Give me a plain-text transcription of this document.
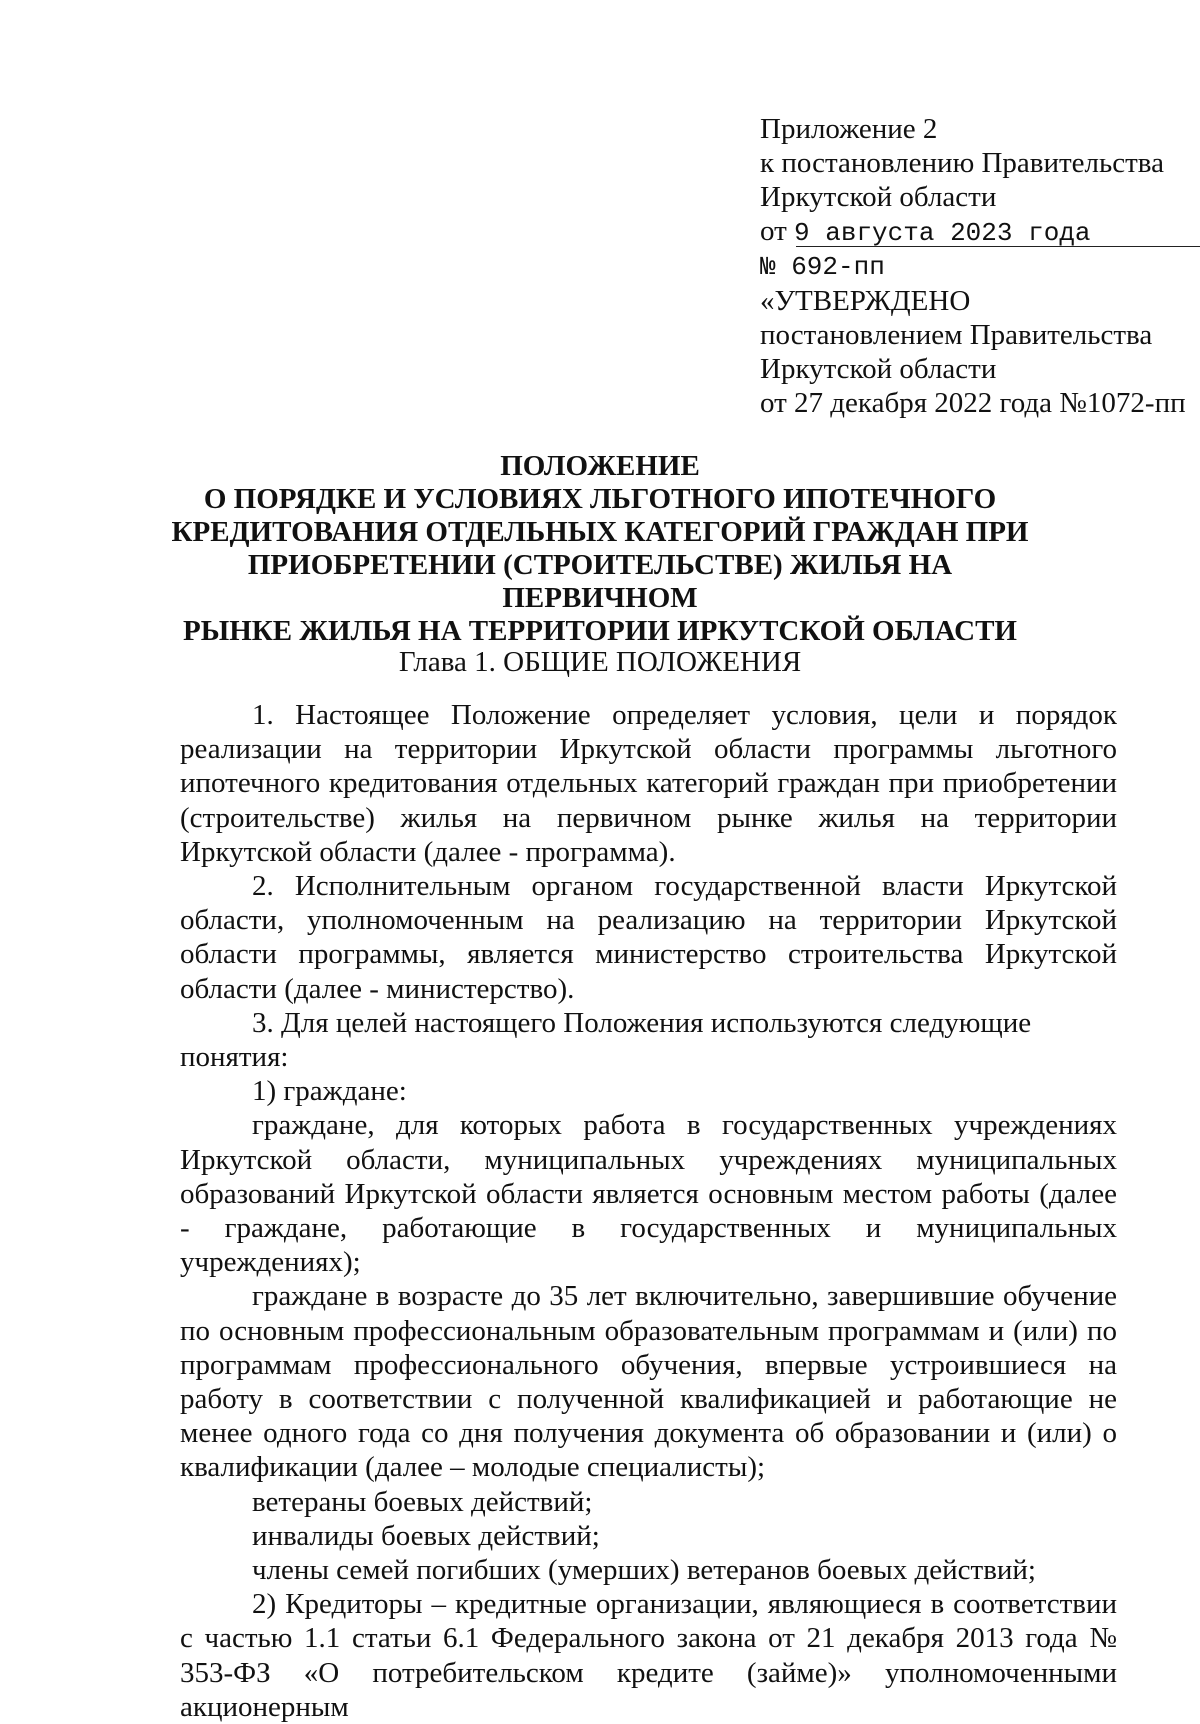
Приложение 2
к постановлению Правительства
Иркутской области
от 9 августа 2023 года
№ 692-пп
«УТВЕРЖДЕНО
постановлением Правительства
Иркутской области
от 27 декабря 2022 года №1072-пп
ПОЛОЖЕНИЕ
О ПОРЯДКЕ И УСЛОВИЯХ ЛЬГОТНОГО ИПОТЕЧНОГО
КРЕДИТОВАНИЯ ОТДЕЛЬНЫХ КАТЕГОРИЙ ГРАЖДАН ПРИ
ПРИОБРЕТЕНИИ (СТРОИТЕЛЬСТВЕ) ЖИЛЬЯ НА ПЕРВИЧНОМ
РЫНКЕ ЖИЛЬЯ НА ТЕРРИТОРИИ ИРКУТСКОЙ ОБЛАСТИ
Глава 1. ОБЩИЕ ПОЛОЖЕНИЯ

1. Настоящее Положение определяет условия, цели и порядок реализации на территории Иркутской области программы льготного ипотечного кредитования отдельных категорий граждан при приобретении (строительстве) жилья на первичном рынке жилья на территории Иркутской области (далее - программа).

2. Исполнительным органом государственной власти Иркутской области, уполномоченным на реализацию на территории Иркутской области программы, является министерство строительства Иркутской области (далее - министерство).

3. Для целей настоящего Положения используются следующие понятия:

1) граждане:

граждане, для которых работа в государственных учреждениях Иркутской области, муниципальных учреждениях муниципальных образований Иркутской области является основным местом работы (далее - граждане, работающие в государственных и муниципальных учреждениях);

граждане в возрасте до 35 лет включительно, завершившие обучение по основным профессиональным образовательным программам и (или) по программам профессионального обучения, впервые устроившиеся на работу в соответствии с полученной квалификацией и работающие не менее одного года со дня получения документа об образовании и (или) о квалификации (далее – молодые специалисты);

ветераны боевых действий;

инвалиды боевых действий;

члены семей погибших (умерших) ветеранов боевых действий;

2) Кредиторы – кредитные организации, являющиеся в соответствии с частью 1.1 статьи 6.1 Федерального закона от 21 декабря 2013 года № 353-ФЗ «О потребительском кредите (займе)» уполномоченными акционерным
